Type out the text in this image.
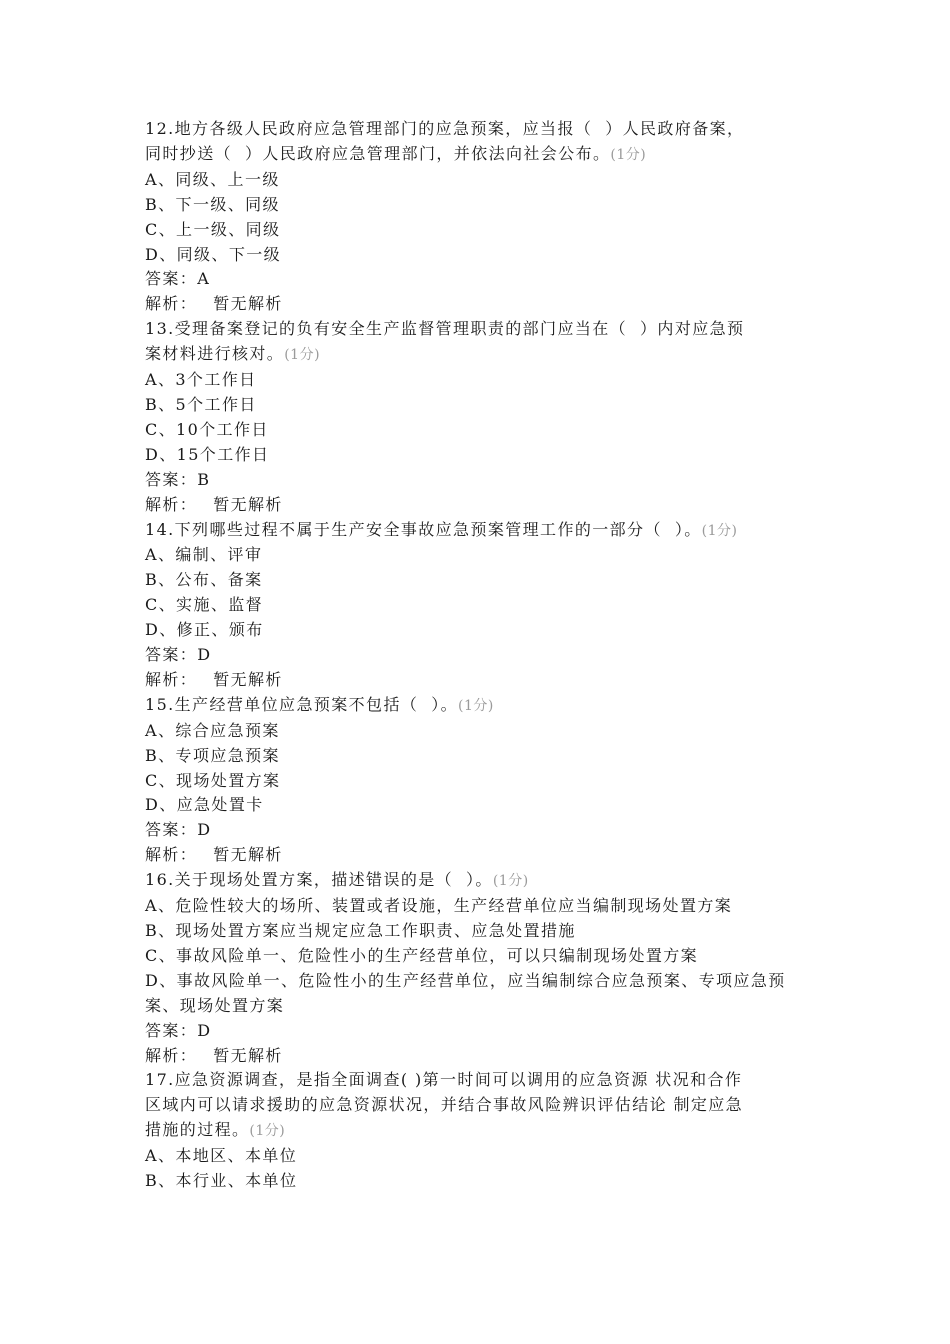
12.地方各级人民政府应急管理部门的应急预案，应当报（  ）人民政府备案，
同时抄送（  ）人民政府应急管理部门，并依法向社会公布。(1分)
A、同级、上一级
B、下一级、同级
C、上一级、同级
D、同级、下一级
答案：A
解析： 暂无解析
13.受理备案登记的负有安全生产监督管理职责的部门应当在（  ）内对应急预
案材料进行核对。(1分)
A、3个工作日
B、5个工作日
C、10个工作日
D、15个工作日
答案：B
解析： 暂无解析
14.下列哪些过程不属于生产安全事故应急预案管理工作的一部分（  ）。(1分)
A、编制、评审
B、公布、备案
C、实施、监督
D、修正、颁布
答案：D
解析： 暂无解析
15.生产经营单位应急预案不包括（  ）。(1分)
A、综合应急预案
B、专项应急预案
C、现场处置方案
D、应急处置卡
答案：D
解析： 暂无解析
16.关于现场处置方案，描述错误的是（  ）。(1分)
A、危险性较大的场所、装置或者设施，生产经营单位应当编制现场处置方案
B、现场处置方案应当规定应急工作职责、应急处置措施
C、事故风险单一、危险性小的生产经营单位，可以只编制现场处置方案
D、事故风险单一、危险性小的生产经营单位，应当编制综合应急预案、专项应急预案、现场处置方案
答案：D
解析： 暂无解析
17.应急资源调查，是指全面调查( )第一时间可以调用的应急资源 状况和合作
区域内可以请求援助的应急资源状况，并结合事故风险辨识评估结论 制定应急
措施的过程。(1分)
A、本地区、本单位
B、本行业、本单位
